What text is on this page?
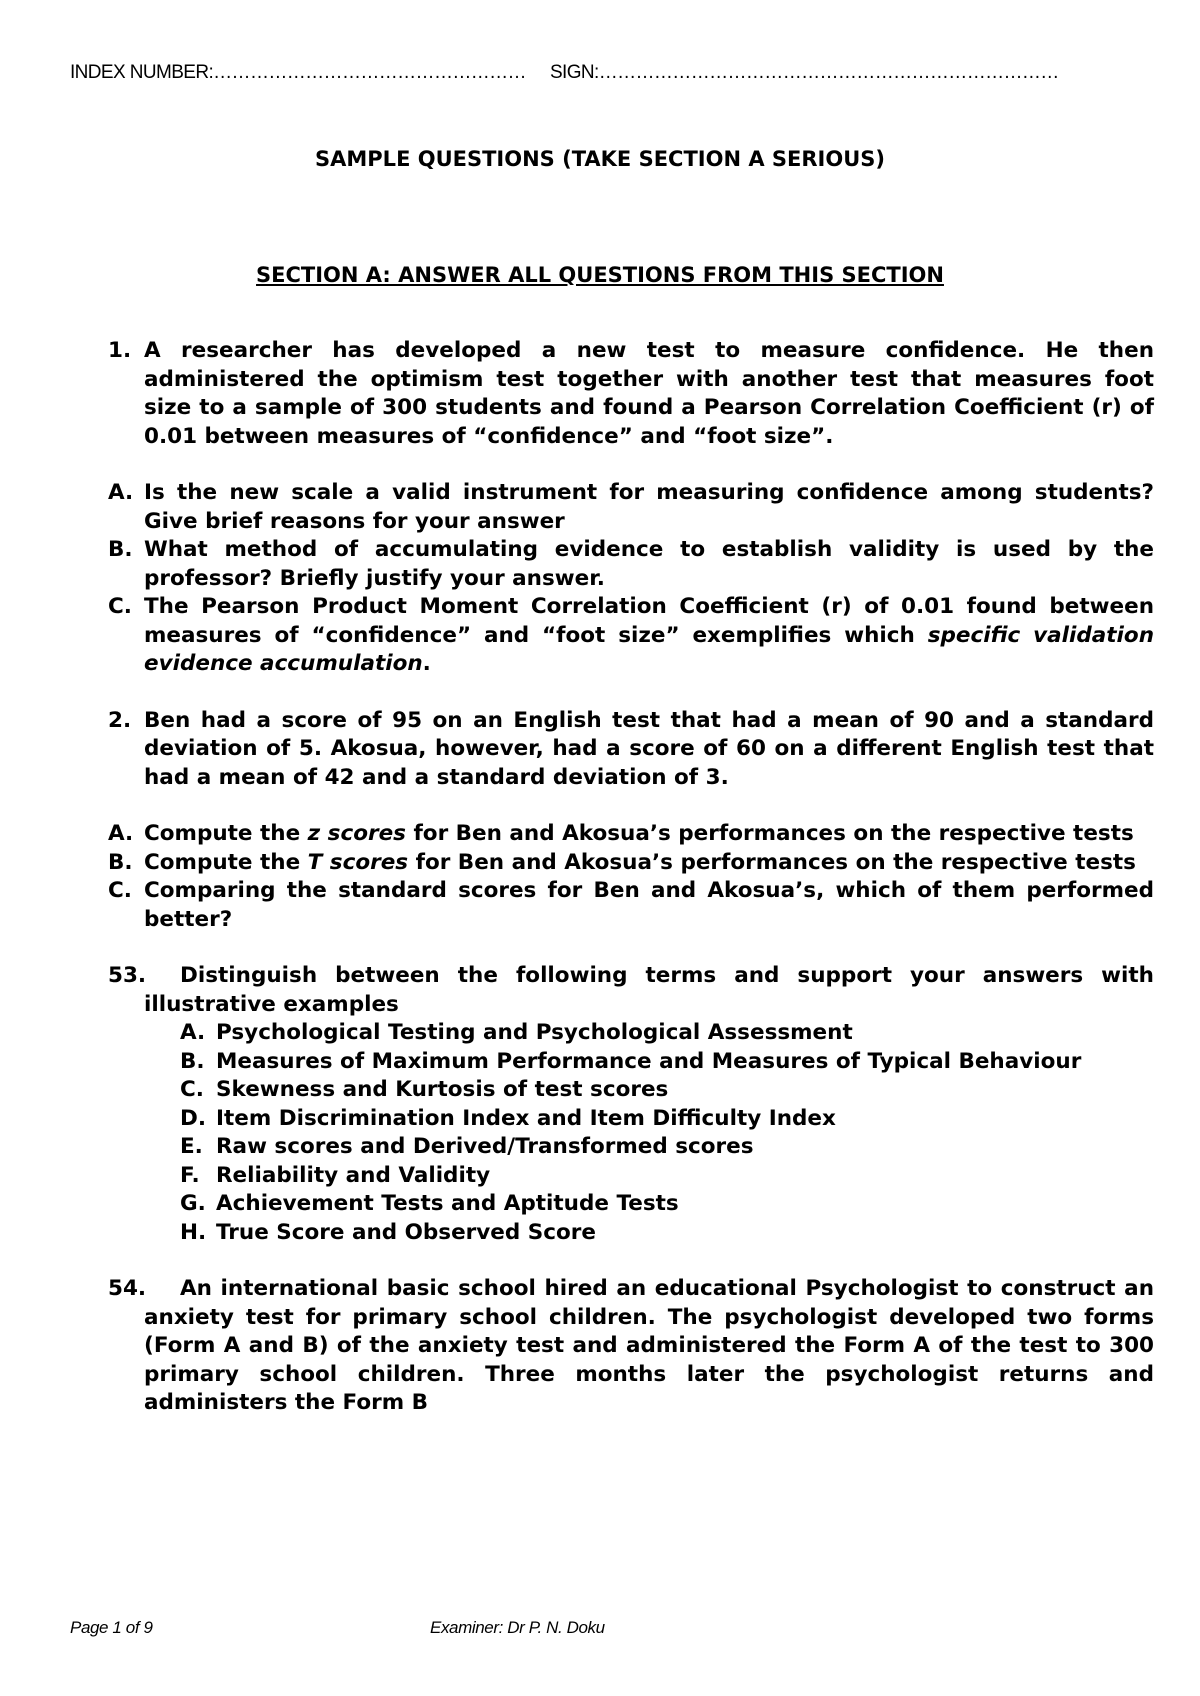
INDEX NUMBER:…………………………………………… SIGN:…………………………………………………………………
SAMPLE QUESTIONS (TAKE SECTION A SERIOUS)
SECTION A: ANSWER ALL QUESTIONS FROM THIS SECTION
1. A researcher has developed a new test to measure confidence. He then administered the optimism test together with another test that measures foot size to a sample of 300 students and found a Pearson Correlation Coefficient (r) of 0.01 between measures of “confidence” and “foot size”.
A. Is the new scale a valid instrument for measuring confidence among students? Give brief reasons for your answer
B. What method of accumulating evidence to establish validity is used by the professor? Briefly justify your answer.
C. The Pearson Product Moment Correlation Coefficient (r) of 0.01 found between measures of “confidence” and “foot size” exemplifies which specific validation evidence accumulation.
2. Ben had a score of 95 on an English test that had a mean of 90 and a standard deviation of 5. Akosua, however, had a score of 60 on a different English test that had a mean of 42 and a standard deviation of 3.
A. Compute the z scores for Ben and Akosua’s performances on the respective tests
B. Compute the T scores for Ben and Akosua’s performances on the respective tests
C. Comparing the standard scores for Ben and Akosua’s, which of them performed better?
53.	Distinguish between the following terms and support your answers with illustrative examples
A. Psychological Testing and Psychological Assessment
B. Measures of Maximum Performance and Measures of Typical Behaviour
C. Skewness and Kurtosis of test scores
D. Item Discrimination Index and Item Difficulty Index
E. Raw scores and Derived/Transformed scores
F. Reliability and Validity
G. Achievement Tests and Aptitude Tests
H. True Score and Observed Score
54.	An international basic school hired an educational Psychologist to construct an anxiety test for primary school children. The psychologist developed two forms (Form A and B) of the anxiety test and administered the Form A of the test to 300 primary school children. Three months later the psychologist returns and administers the Form B
Page 1 of 9	Examiner: Dr P. N. Doku
